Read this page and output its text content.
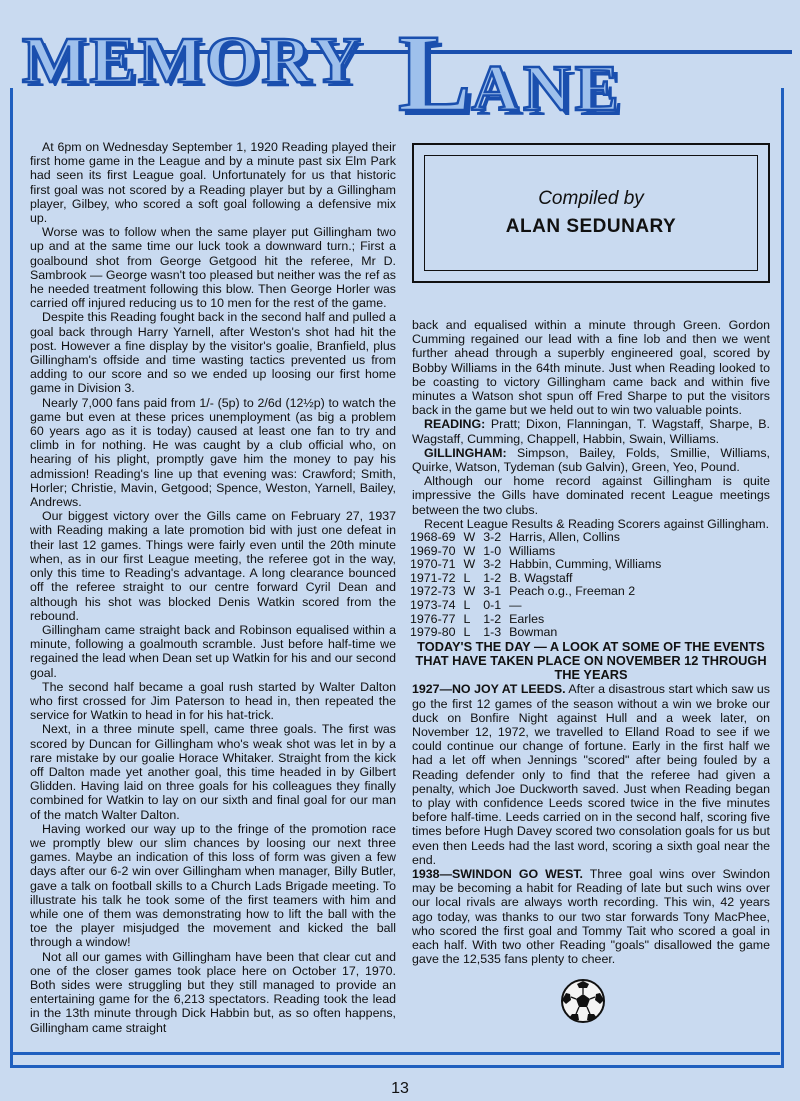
MEMORY LANE

At 6pm on Wednesday September 1, 1920 Reading played their first home game in the League and by a minute past six Elm Park had seen its first League goal. Unfortunately for us that historic first goal was not scored by a Reading player but by a Gillingham player, Gilbey, who scored a soft goal following a defensive mix up.

Worse was to follow when the same player put Gillingham two up and at the same time our luck took a downward turn.; First a goalbound shot from George Getgood hit the referee, Mr D. Sambrook — George wasn't too pleased but neither was the ref as he needed treatment following this blow. Then George Horler was carried off injured reducing us to 10 men for the rest of the game.

Despite this Reading fought back in the second half and pulled a goal back through Harry Yarnell, after Weston's shot had hit the post. However a fine display by the visitor's goalie, Branfield, plus Gillingham's offside and time wasting tactics prevented us from adding to our score and so we ended up loosing our first home game in Division 3.

Nearly 7,000 fans paid from 1/- (5p) to 2/6d (12½p) to watch the game but even at these prices unemployment (as big a problem 60 years ago as it is today) caused at least one fan to try and climb in for nothing. He was caught by a club official who, on hearing of his plight, promptly gave him the money to pay his admission! Reading's line up that evening was: Crawford; Smith, Horler; Christie, Mavin, Getgood; Spence, Weston, Yarnell, Bailey, Andrews.

Our biggest victory over the Gills came on February 27, 1937 with Reading making a late promotion bid with just one defeat in their last 12 games. Things were fairly even until the 20th minute when, as in our first League meeting, the referee got in the way, only this time to Reading's advantage. A long clearance bounced off the referee straight to our centre forward Cyril Dean and although his shot was blocked Denis Watkin scored from the rebound.

Gillingham came straight back and Robinson equalised within a minute, following a goalmouth scramble. Just before half-time we regained the lead when Dean set up Watkin for his and our second goal.

The second half became a goal rush started by Walter Dalton who first crossed for Jim Paterson to head in, then repeated the service for Watkin to head in for his hat-trick.

Next, in a three minute spell, came three goals. The first was scored by Duncan for Gillingham who's weak shot was let in by a rare mistake by our goalie Horace Whitaker. Straight from the kick off Dalton made yet another goal, this time headed in by Gilbert Glidden. Having laid on three goals for his colleagues they finally combined for Watkin to lay on our sixth and final goal for our man of the match Walter Dalton.

Having worked our way up to the fringe of the promotion race we promptly blew our slim chances by loosing our next three games. Maybe an indication of this loss of form was given a few days after our 6-2 win over Gillingham when manager, Billy Butler, gave a talk on football skills to a Church Lads Brigade meeting. To illustrate his talk he took some of the first teamers with him and while one of them was demonstrating how to lift the ball with the toe the player misjudged the movement and kicked the ball through a window!

Not all our games with Gillingham have been that clear cut and one of the closer games took place here on October 17, 1970. Both sides were struggling but they still managed to provide an entertaining game for the 6,213 spectators. Reading took the lead in the 13th minute through Dick Habbin but, as so often happens, Gillingham came straight

Compiled by
ALAN SEDUNARY

back and equalised within a minute through Green. Gordon Cumming regained our lead with a fine lob and then we went further ahead through a superbly engineered goal, scored by Bobby Williams in the 64th minute. Just when Reading looked to be coasting to victory Gillingham came back and within five minutes a Watson shot spun off Fred Sharpe to put the visitors back in the game but we held out to win two valuable points.

READING: Pratt; Dixon, Flanningan, T. Wagstaff, Sharpe, B. Wagstaff, Cumming, Chappell, Habbin, Swain, Williams.

GILLINGHAM: Simpson, Bailey, Folds, Smillie, Williams, Quirke, Watson, Tydeman (sub Galvin), Green, Yeo, Pound.

Although our home record against Gillingham is quite impressive the Gills have dominated recent League meetings between the two clubs.

Recent League Results & Reading Scorers against Gillingham.

1968-69	W	3-2	Harris, Allen, Collins
1969-70	W	1-0	Williams
1970-71	W	3-2	Habbin, Cumming, Williams
1971-72	L	1-2	B. Wagstaff
1972-73	W	3-1	Peach o.g., Freeman 2
1973-74	L	0-1	—
1976-77	L	1-2	Earles
1979-80	L	1-3	Bowman

TODAY'S THE DAY — A LOOK AT SOME OF THE EVENTS THAT HAVE TAKEN PLACE ON NOVEMBER 12 THROUGH THE YEARS

1927—NO JOY AT LEEDS. After a disastrous start which saw us go the first 12 games of the season without a win we broke our duck on Bonfire Night against Hull and a week later, on November 12, 1972, we travelled to Elland Road to see if we could continue our change of fortune. Early in the first half we had a let off when Jennings "scored" after being fouled by a Reading defender only to find that the referee had given a penalty, which Joe Duckworth saved. Just when Reading began to play with confidence Leeds scored twice in the five minutes before half-time. Leeds carried on in the second half, scoring five times before Hugh Davey scored two consolation goals for us but even then Leeds had the last word, scoring a sixth goal near the end.

1938—SWINDON GO WEST. Three goal wins over Swindon may be becoming a habit for Reading of late but such wins over our local rivals are always worth recording. This win, 42 years ago today, was thanks to our two star forwards Tony MacPhee, who scored the first goal and Tommy Tait who scored a goal in each half. With two other Reading "goals" disallowed the game gave the 12,535 fans plenty to cheer.

13
